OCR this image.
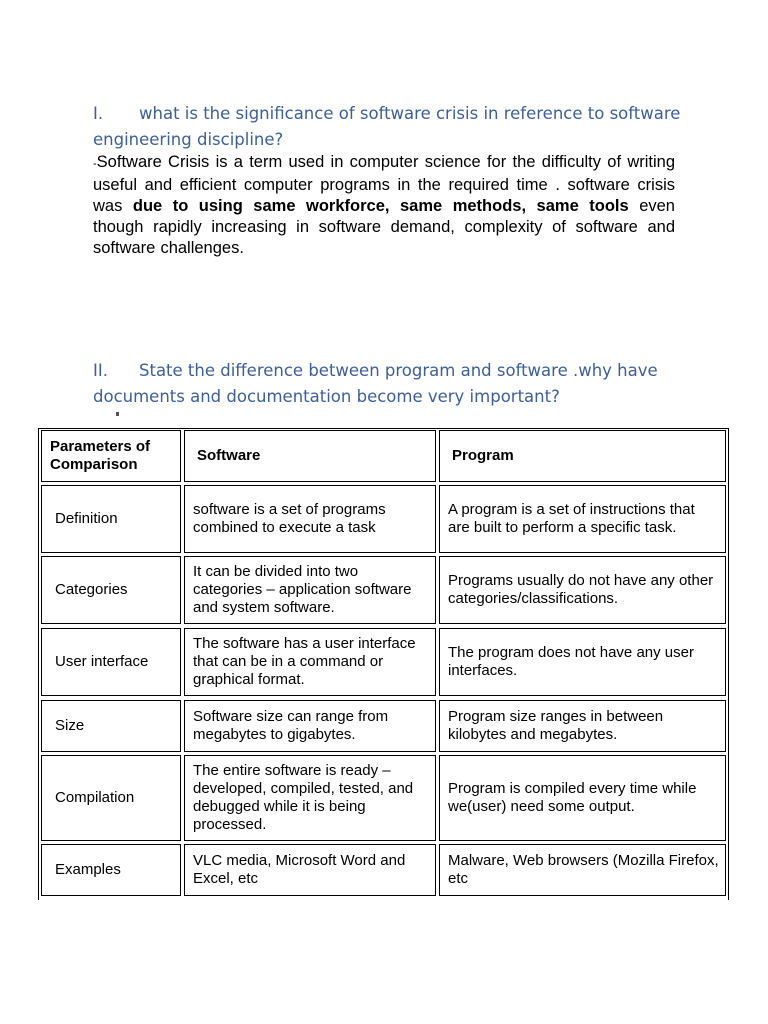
I. what is the significance of software crisis in reference to software engineering discipline?
-Software Crisis is a term used in computer science for the difficulty of writing useful and efficient computer programs in the required time . software crisis was due to using same workforce, same methods, same tools even though rapidly increasing in software demand, complexity of software and software challenges.
II. State the difference between program and software .why have documents and documentation become very important?
Parameters of Comparison
Software	Program
Definition
software is a set of programs combined to execute a task
A program is a set of instructions that are built to perform a specific task.
Categories
It can be divided into two categories – application software and system software.
Programs usually do not have any other categories/classifications.
User interface
The software has a user interface that can be in a command or graphical format.
The program does not have any user interfaces.
Size
Software size can range from megabytes to gigabytes.
Program size ranges in between kilobytes and megabytes.
Compilation
The entire software is ready – developed, compiled, tested, and debugged while it is being processed.
Program is compiled every time while we(user) need some output.
Examples
VLC media, Microsoft Word and Excel, etc
Malware, Web browsers (Mozilla Firefox, etc
